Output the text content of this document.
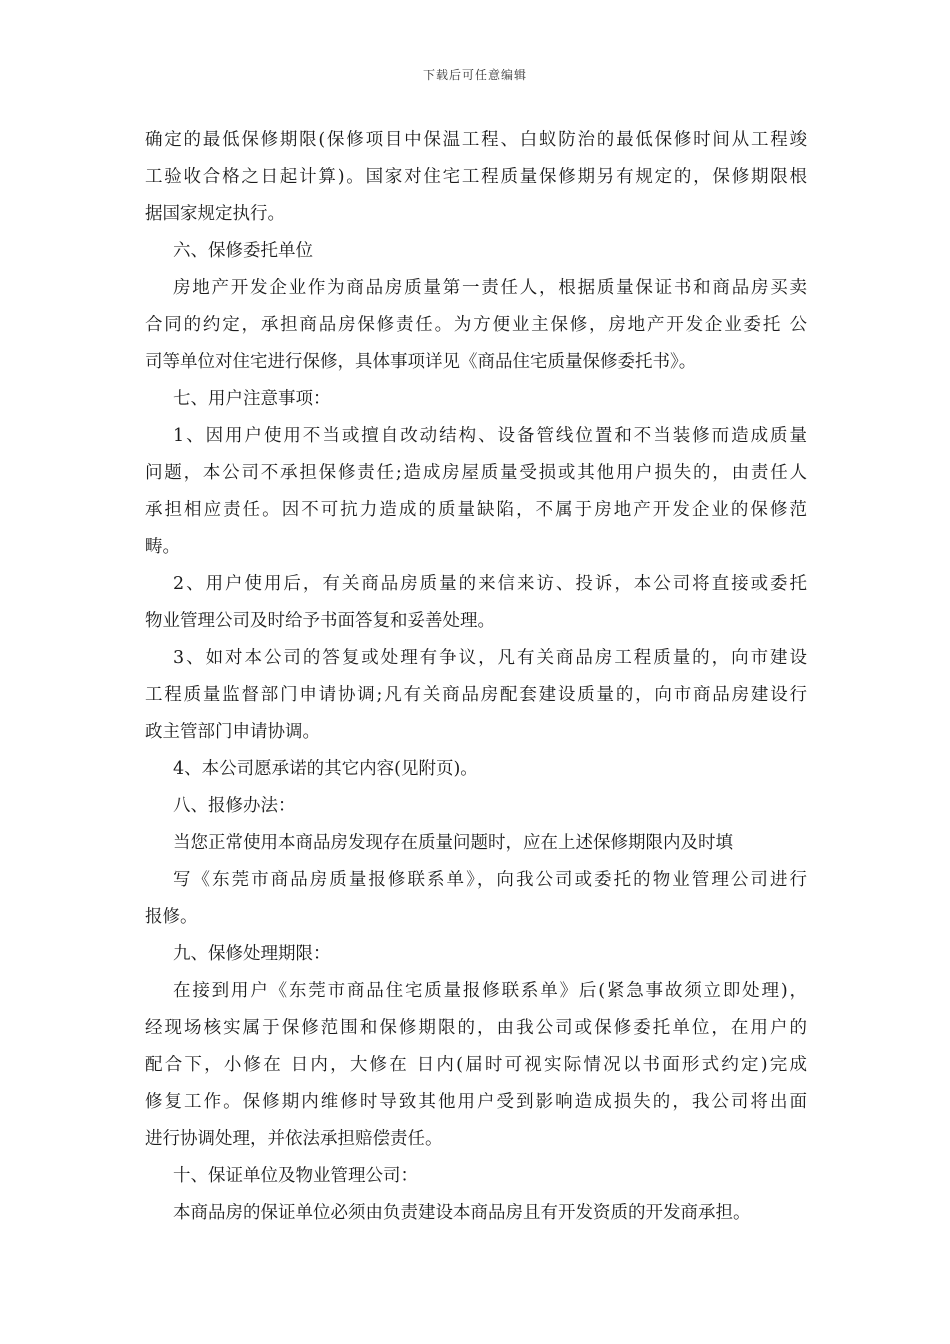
下载后可任意编辑
确定的最低保修期限(保修项目中保温工程、白蚁防治的最低保修时间从工程竣
工验收合格之日起计算)。国家对住宅工程质量保修期另有规定的，保修期限根
据国家规定执行。
六、保修委托单位
房地产开发企业作为商品房质量第一责任人，根据质量保证书和商品房买卖
合同的约定，承担商品房保修责任。为方便业主保修，房地产开发企业委托 公
司等单位对住宅进行保修，具体事项详见《商品住宅质量保修委托书》。
七、用户注意事项：
1、因用户使用不当或擅自改动结构、设备管线位置和不当装修而造成质量
问题，本公司不承担保修责任;造成房屋质量受损或其他用户损失的，由责任人
承担相应责任。因不可抗力造成的质量缺陷，不属于房地产开发企业的保修范
畴。
2、用户使用后，有关商品房质量的来信来访、投诉，本公司将直接或委托
物业管理公司及时给予书面答复和妥善处理。
3、如对本公司的答复或处理有争议，凡有关商品房工程质量的，向市建设
工程质量监督部门申请协调;凡有关商品房配套建设质量的，向市商品房建设行
政主管部门申请协调。
4、本公司愿承诺的其它内容(见附页)。
八、报修办法：
当您正常使用本商品房发现存在质量问题时，应在上述保修期限内及时填
写《东莞市商品房质量报修联系单》，向我公司或委托的物业管理公司进行
报修。
九、保修处理期限：
在接到用户《东莞市商品住宅质量报修联系单》后(紧急事故须立即处理)，
经现场核实属于保修范围和保修期限的，由我公司或保修委托单位，在用户的
配合下，小修在 日内，大修在 日内(届时可视实际情况以书面形式约定)完成
修复工作。保修期内维修时导致其他用户受到影响造成损失的，我公司将出面
进行协调处理，并依法承担赔偿责任。
十、保证单位及物业管理公司：
本商品房的保证单位必须由负责建设本商品房且有开发资质的开发商承担。
